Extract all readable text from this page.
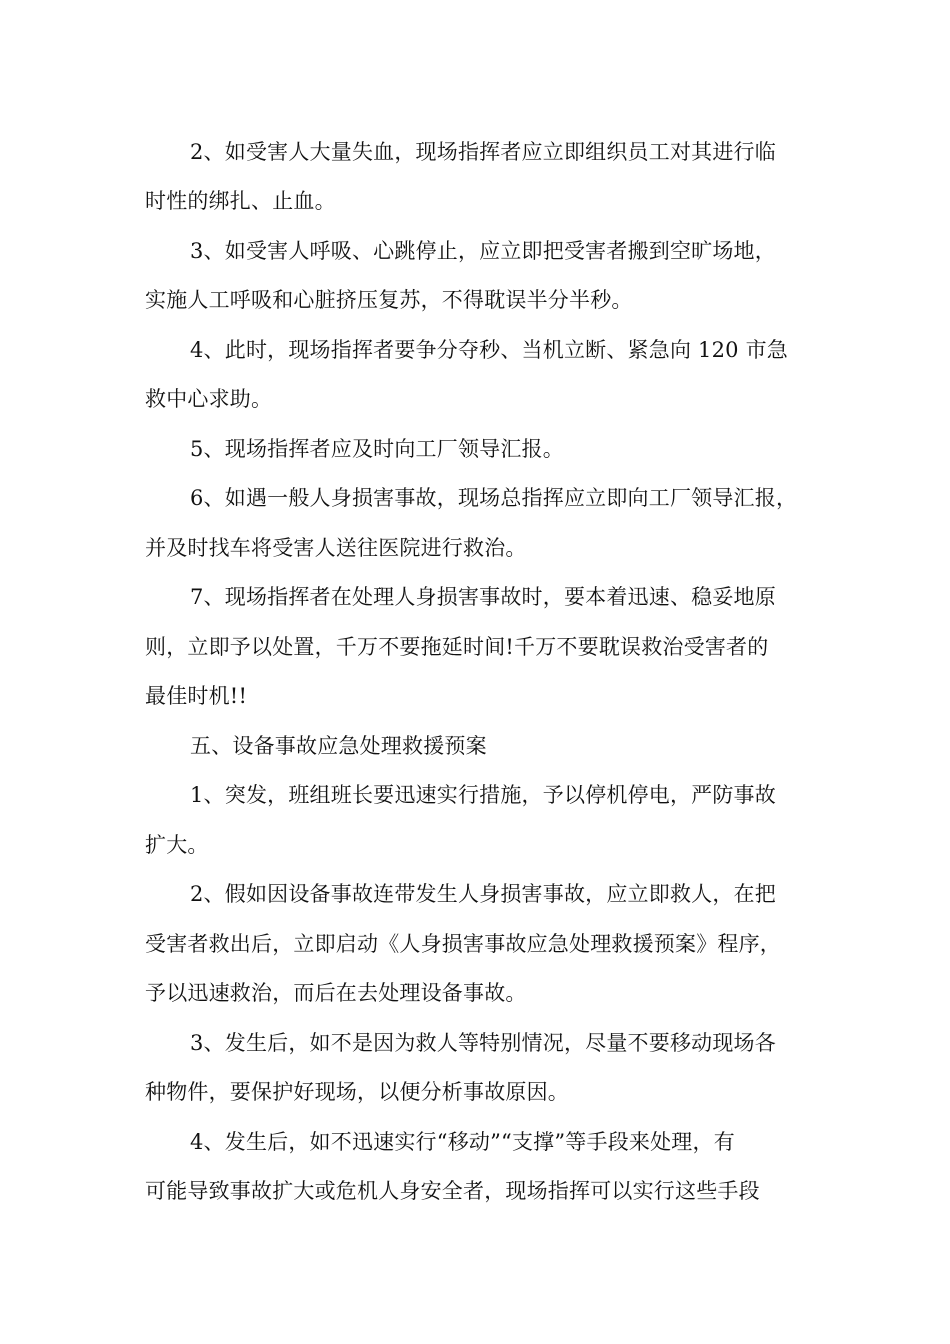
2、如受害人大量失血，现场指挥者应立即组织员工对其进行临

时性的绑扎、止血。

3、如受害人呼吸、心跳停止，应立即把受害者搬到空旷场地，

实施人工呼吸和心脏挤压复苏，不得耽误半分半秒。

4、此时，现场指挥者要争分夺秒、当机立断、紧急向 120 市急

救中心求助。

5、现场指挥者应及时向工厂领导汇报。

6、如遇一般人身损害事故，现场总指挥应立即向工厂领导汇报，

并及时找车将受害人送往医院进行救治。

7、现场指挥者在处理人身损害事故时，要本着迅速、稳妥地原

则，立即予以处置，千万不要拖延时间!千万不要耽误救治受害者的

最佳时机!!

五、设备事故应急处理救援预案

1、突发，班组班长要迅速实行措施，予以停机停电，严防事故

扩大。

2、假如因设备事故连带发生人身损害事故，应立即救人，在把

受害者救出后，立即启动《人身损害事故应急处理救援预案》程序，

予以迅速救治，而后在去处理设备事故。

3、发生后，如不是因为救人等特别情况，尽量不要移动现场各

种物件，要保护好现场，以便分析事故原因。

4、发生后，如不迅速实行“移动”“支撑”等手段来处理，有

可能导致事故扩大或危机人身安全者，现场指挥可以实行这些手段
